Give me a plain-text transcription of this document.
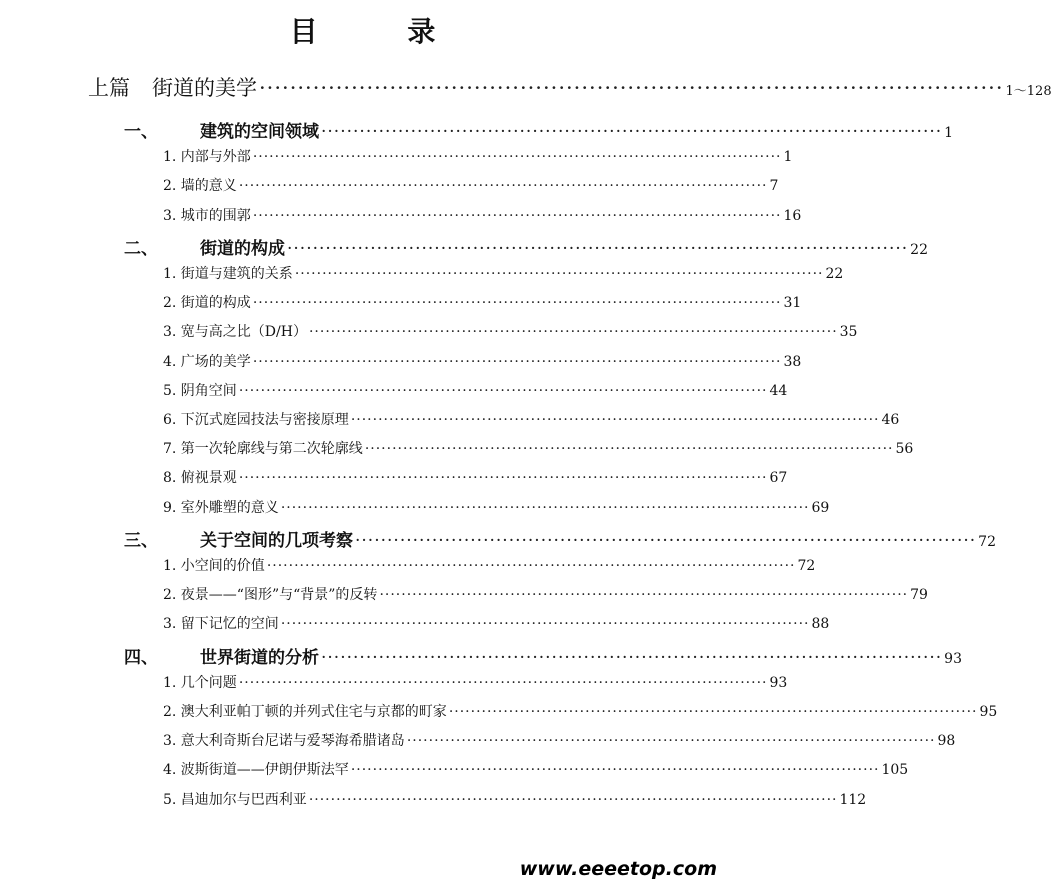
目 录
上篇 街道的美学 ································································································· 1～128
一、 建筑的空间领域 ································································································· 1
1. 内部与外部 ································································································· 1
2. 墙的意义 ································································································· 7
3. 城市的围郭 ································································································· 16
二、 街道的构成 ································································································· 22
1. 街道与建筑的关系 ································································································· 22
2. 街道的构成 ································································································· 31
3. 宽与高之比（D/H） ································································································· 35
4. 广场的美学 ································································································· 38
5. 阴角空间 ································································································· 44
6. 下沉式庭园技法与密接原理 ································································································· 46
7. 第一次轮廓线与第二次轮廓线 ································································································· 56
8. 俯视景观 ································································································· 67
9. 室外雕塑的意义 ································································································· 69
三、 关于空间的几项考察 ································································································· 72
1. 小空间的价值 ································································································· 72
2. 夜景——“图形”与“背景”的反转 ································································································· 79
3. 留下记忆的空间 ································································································· 88
四、 世界街道的分析 ································································································· 93
1. 几个问题 ································································································· 93
2. 澳大利亚帕丁顿的并列式住宅与京都的町家 ································································································· 95
3. 意大利奇斯台尼诺与爱琴海希腊诸岛 ································································································· 98
4. 波斯街道——伊朗伊斯法罕 ································································································· 105
5. 昌迪加尔与巴西利亚 ································································································· 112
www.eeeetop.com
